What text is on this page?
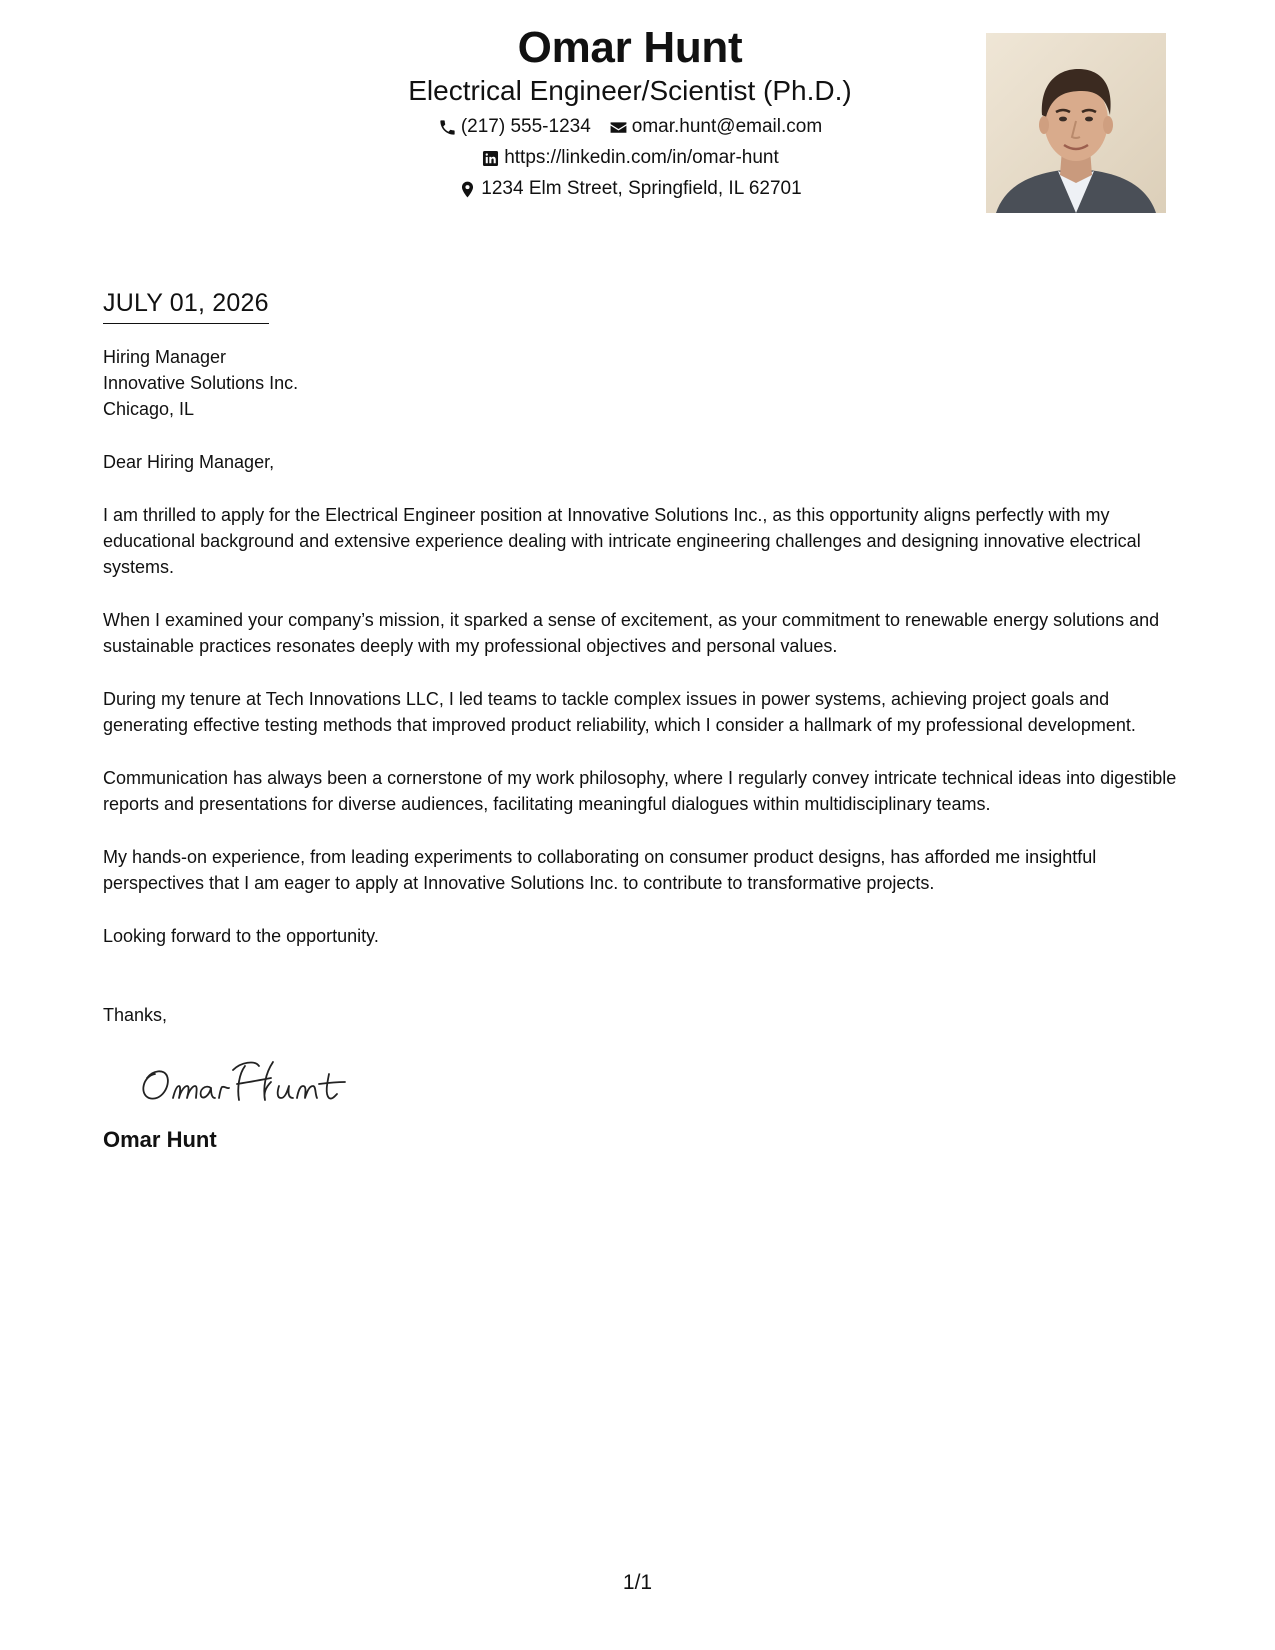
Omar Hunt
Electrical Engineer/Scientist (Ph.D.)
(217) 555-1234 omar.hunt@email.com
https://linkedin.com/in/omar-hunt
1234 Elm Street, Springfield, IL 62701
JULY 01, 2026
Hiring Manager
Innovative Solutions Inc.
Chicago, IL
Dear Hiring Manager,
I am thrilled to apply for the Electrical Engineer position at Innovative Solutions Inc., as this opportunity aligns perfectly with my educational background and extensive experience dealing with intricate engineering challenges and designing innovative electrical systems.
When I examined your company’s mission, it sparked a sense of excitement, as your commitment to renewable energy solutions and sustainable practices resonates deeply with my professional objectives and personal values.
During my tenure at Tech Innovations LLC, I led teams to tackle complex issues in power systems, achieving project goals and generating effective testing methods that improved product reliability, which I consider a hallmark of my professional development.
Communication has always been a cornerstone of my work philosophy, where I regularly convey intricate technical ideas into digestible reports and presentations for diverse audiences, facilitating meaningful dialogues within multidisciplinary teams.
My hands-on experience, from leading experiments to collaborating on consumer product designs, has afforded me insightful perspectives that I am eager to apply at Innovative Solutions Inc. to contribute to transformative projects.
Looking forward to the opportunity.
Thanks,
Omar Hunt
1/1
